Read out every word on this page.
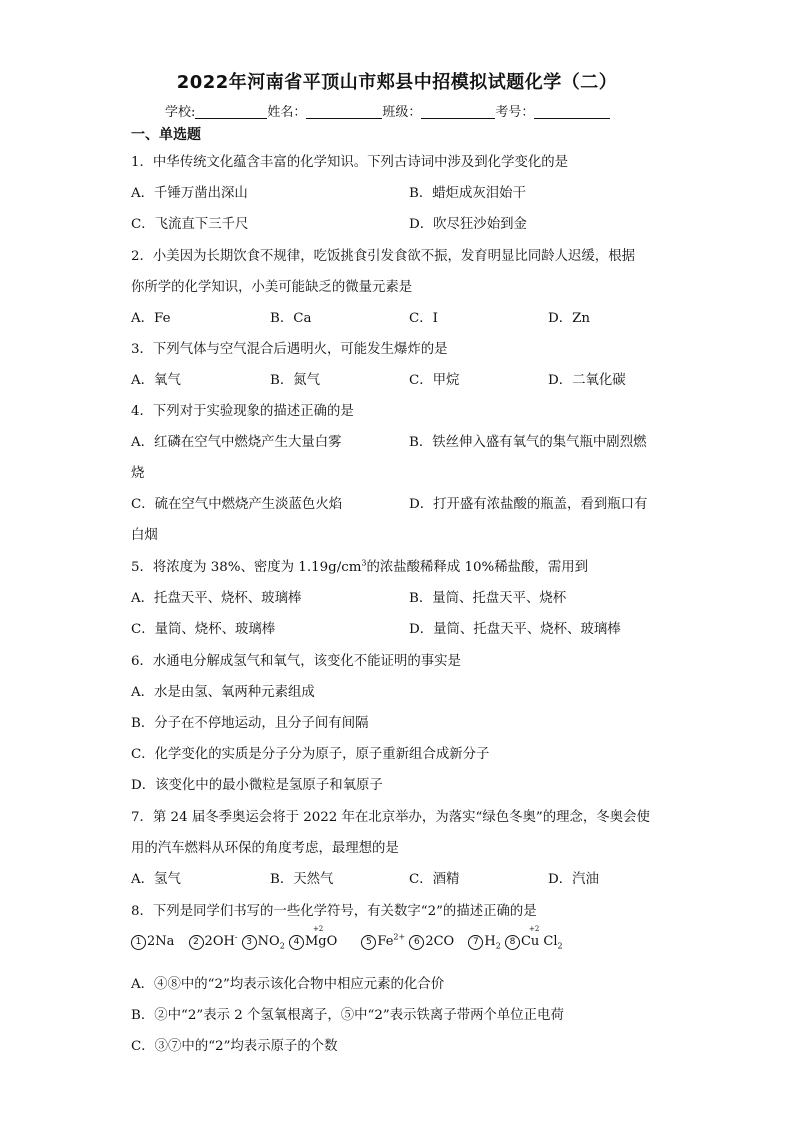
2022年河南省平顶山市郏县中招模拟试题化学（二）
学校:	姓名：	班级：	考号：
一、单选题
1．中华传统文化蕴含丰富的化学知识。下列古诗词中涉及到化学变化的是
A．千锤万凿出深山	B．蜡炬成灰泪始干
C．飞流直下三千尺	D．吹尽狂沙始到金
2．小美因为长期饮食不规律，吃饭挑食引发食欲不振，发育明显比同龄人迟缓，根据
你所学的化学知识，小美可能缺乏的微量元素是
A．Fe	B．Ca	C．I	D．Zn
3．下列气体与空气混合后遇明火，可能发生爆炸的是
A．氧气	B．氮气	C．甲烷	D．二氧化碳
4．下列对于实验现象的描述正确的是
A．红磷在空气中燃烧产生大量白雾	B．铁丝伸入盛有氧气的集气瓶中剧烈燃
烧
C．硫在空气中燃烧产生淡蓝色火焰	D．打开盛有浓盐酸的瓶盖，看到瓶口有
白烟
5．将浓度为 38%、密度为 $1.19g/cm^3$的浓盐酸稀释成 10%稀盐酸，需用到
A．托盘天平、烧杯、玻璃棒	B．量筒、托盘天平、烧杯
C．量筒、烧杯、玻璃棒	D．量筒、托盘天平、烧杯、玻璃棒
6．水通电分解成氢气和氧气，该变化不能证明的事实是
A．水是由氢、氧两种元素组成
B．分子在不停地运动，且分子间有间隔
C．化学变化的实质是分子分为原子，原子重新组合成新分子
D．该变化中的最小微粒是氢原子和氧原子
7．第 24 届冬季奥运会将于 2022 年在北京举办，为落实“绿色冬奥”的理念，冬奥会使
用的汽车燃料从环保的角度考虑，最理想的是
A．氢气	B．天然气	C．酒精	D．汽油
8．下列是同学们书写的一些化学符号，有关数字“2”的描述正确的是
1 2Na 2 2OH- 3 $NO_2$ 4 Mg
+2
O	5 $Fe^{2+}$ 6 2CO 7 $H_2$ 8 Cu
+2
$Cl_2$
A．④⑧中的“2”均表示该化合物中相应元素的化合价
B．②中“2”表示 2 个氢氧根离子，⑤中“2”表示铁离子带两个单位正电荷
C．③⑦中的“2”均表示原子的个数
